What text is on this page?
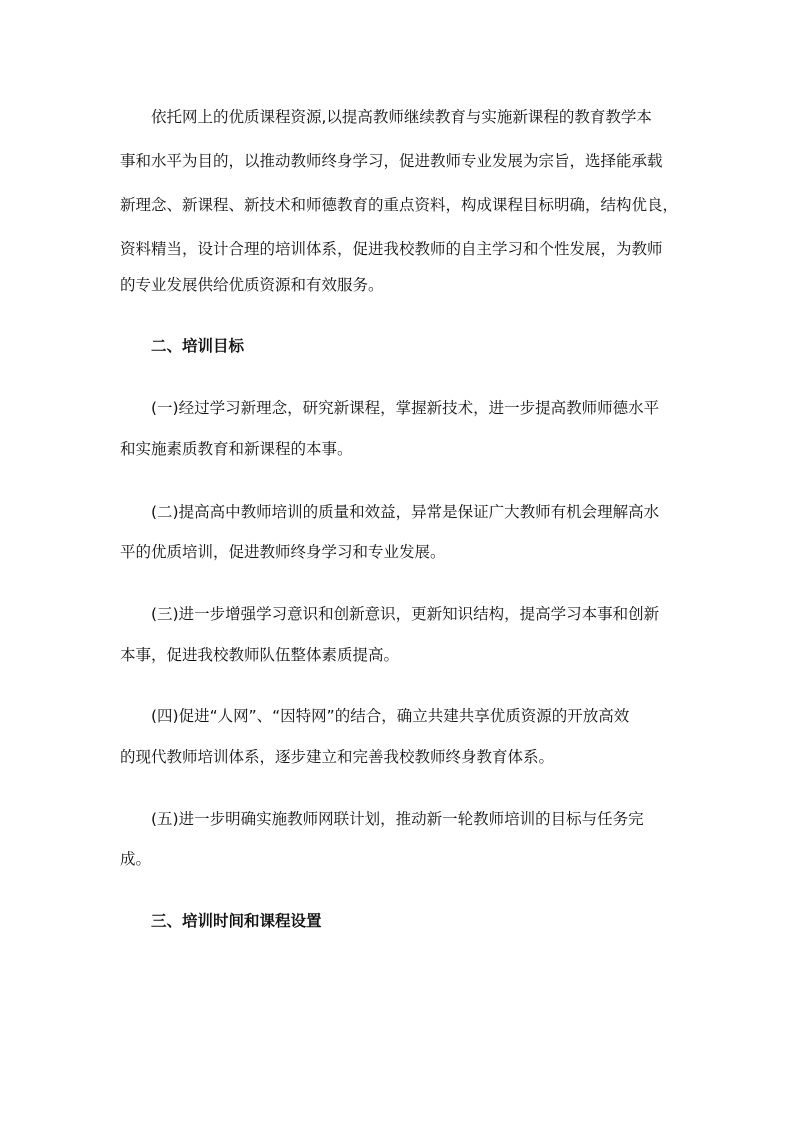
依托网上的优质课程资源,以提高教师继续教育与实施新课程的教育教学本
事和水平为目的，以推动教师终身学习，促进教师专业发展为宗旨，选择能承载
新理念、新课程、新技术和师德教育的重点资料，构成课程目标明确，结构优良，
资料精当，设计合理的培训体系，促进我校教师的自主学习和个性发展，为教师
的专业发展供给优质资源和有效服务。
二、培训目标
(一)经过学习新理念，研究新课程，掌握新技术，进一步提高教师师德水平
和实施素质教育和新课程的本事。
(二)提高高中教师培训的质量和效益，异常是保证广大教师有机会理解高水
平的优质培训，促进教师终身学习和专业发展。
(三)进一步增强学习意识和创新意识，更新知识结构，提高学习本事和创新
本事，促进我校教师队伍整体素质提高。
(四)促进“人网”、“因特网”的结合，确立共建共享优质资源的开放高效
的现代教师培训体系，逐步建立和完善我校教师终身教育体系。
(五)进一步明确实施教师网联计划，推动新一轮教师培训的目标与任务完
成。
三、培训时间和课程设置
